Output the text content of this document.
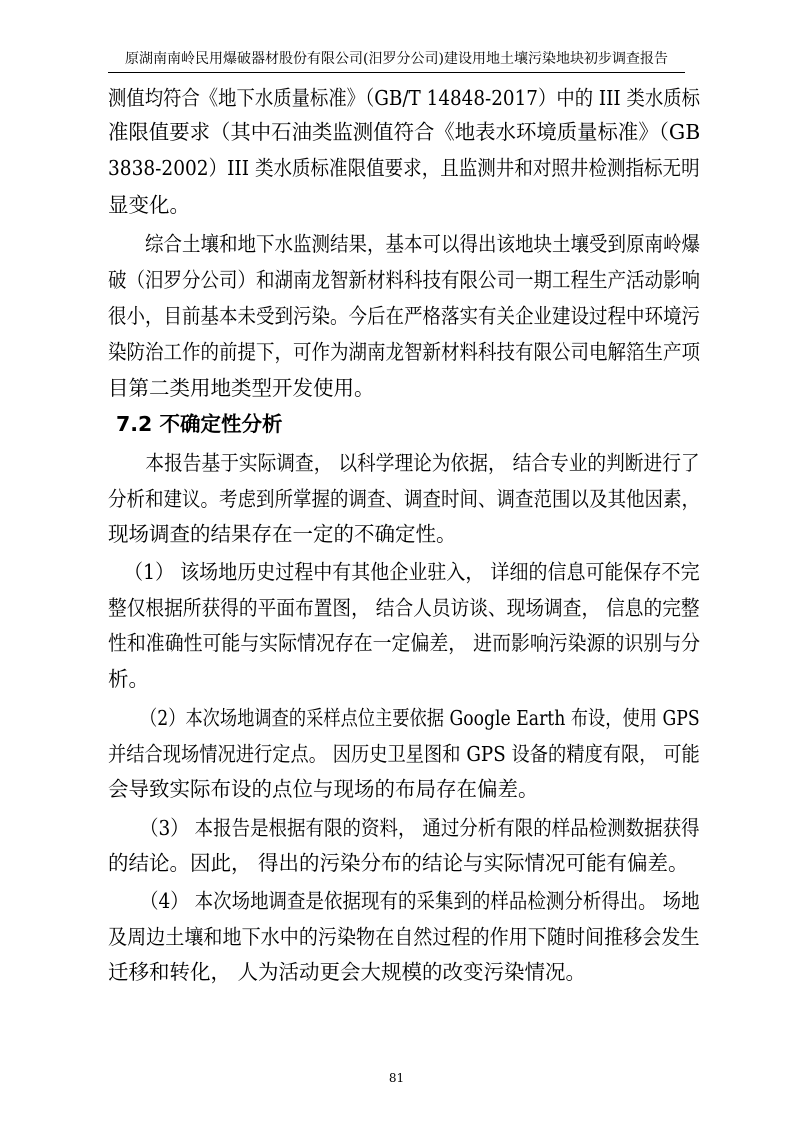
原湖南南岭民用爆破器材股份有限公司(汨罗分公司)建设用地土壤污染地块初步调查报告
测值均符合《地下水质量标准》（GB/T 14848-2017）中的 III 类水质标
准限值要求（其中石油类监测值符合《地表水环境质量标准》（GB
3838-2002）III 类水质标准限值要求，且监测井和对照井检测指标无明
显变化。
　　综合土壤和地下水监测结果，基本可以得出该地块土壤受到原南岭爆
破（汨罗分公司）和湖南龙智新材料科技有限公司一期工程生产活动影响
很小，目前基本未受到污染。今后在严格落实有关企业建设过程中环境污
染防治工作的前提下，可作为湖南龙智新材料科技有限公司电解箔生产项
目第二类用地类型开发使用。
7.2 不确定性分析
　　本报告基于实际调查， 以科学理论为依据， 结合专业的判断进行了
分析和建议。考虑到所掌握的调查、调查时间、调查范围以及其他因素，
现场调查的结果存在一定的不确定性。
（1） 该场地历史过程中有其他企业驻入， 详细的信息可能保存不完
整仅根据所获得的平面布置图， 结合人员访谈、现场调查， 信息的完整
性和准确性可能与实际情况存在一定偏差， 进而影响污染源的识别与分
析。
（2）本次场地调查的采样点位主要依据 Google Earth 布设，使用 GPS
并结合现场情况进行定点。 因历史卫星图和 GPS 设备的精度有限， 可能
会导致实际布设的点位与现场的布局存在偏差。
（3） 本报告是根据有限的资料， 通过分析有限的样品检测数据获得
的结论。因此， 得出的污染分布的结论与实际情况可能有偏差。
（4） 本次场地调查是依据现有的采集到的样品检测分析得出。 场地
及周边土壤和地下水中的污染物在自然过程的作用下随时间推移会发生
迁移和转化， 人为活动更会大规模的改变污染情况。
81
